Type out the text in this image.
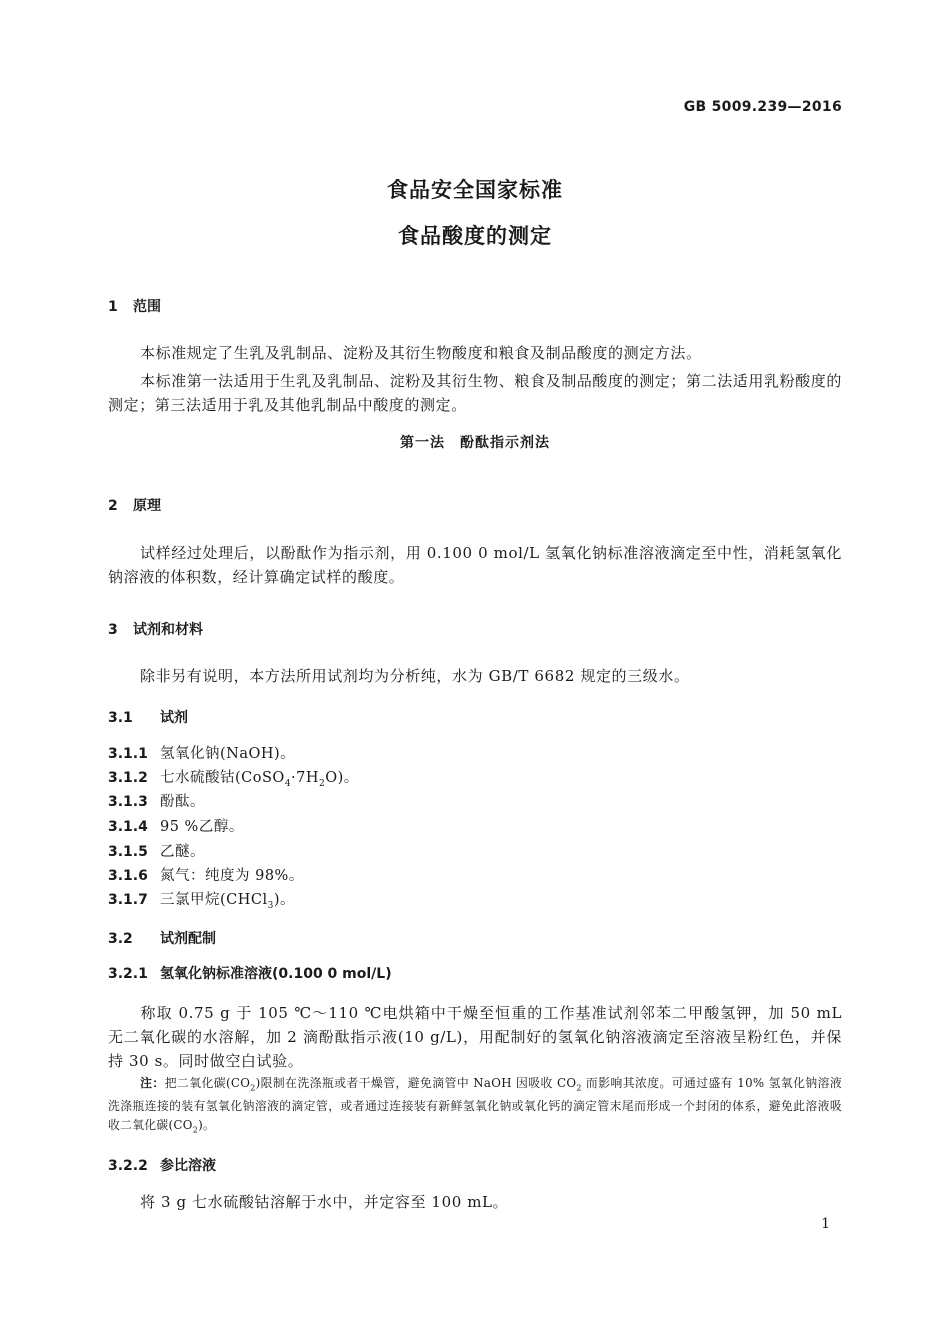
GB 5009.239—2016
食品安全国家标准
食品酸度的测定
1 范围
本标准规定了生乳及乳制品、淀粉及其衍生物酸度和粮食及制品酸度的测定方法。
本标准第一法适用于生乳及乳制品、淀粉及其衍生物、粮食及制品酸度的测定；第二法适用乳粉酸度的测定；第三法适用于乳及其他乳制品中酸度的测定。
第一法　酚酞指示剂法
2 原理
试样经过处理后，以酚酞作为指示剂，用 0.100 0 mol/L 氢氧化钠标准溶液滴定至中性，消耗氢氧化钠溶液的体积数，经计算确定试样的酸度。
3 试剂和材料
除非另有说明，本方法所用试剂均为分析纯，水为 GB/T 6682 规定的三级水。
3.1 试剂
3.1.1 氢氧化钠(NaOH)。
3.1.2 七水硫酸钴$(CoSO_4\cdot 7H_2O)$。
3.1.3 酚酞。
3.1.4 95 %乙醇。
3.1.5 乙醚。
3.1.6 氮气：纯度为 98%。
3.1.7 三氯甲烷(CHCl$_3$)。
3.2 试剂配制
3.2.1 氢氧化钠标准溶液(0.100 0 mol/L)
称取 0.75 g 于 105 ℃～110 ℃电烘箱中干燥至恒重的工作基准试剂邻苯二甲酸氢钾，加 50 mL 无二氧化碳的水溶解，加 2 滴酚酞指示液(10 g/L)，用配制好的氢氧化钠溶液滴定至溶液呈粉红色，并保持 30 s。同时做空白试验。
注：把二氧化碳$(CO_2)$限制在洗涤瓶或者干燥管，避免滴管中 NaOH 因吸收 $CO_2$ 而影响其浓度。可通过盛有 10% 氢氧化钠溶液洗涤瓶连接的装有氢氧化钠溶液的滴定管，或者通过连接装有新鲜氢氧化钠或氧化钙的滴定管末尾而形成一个封闭的体系，避免此溶液吸收二氧化碳$(CO_2)$。
3.2.2 参比溶液
将 3 g 七水硫酸钴溶解于水中，并定容至 100 mL。
1
